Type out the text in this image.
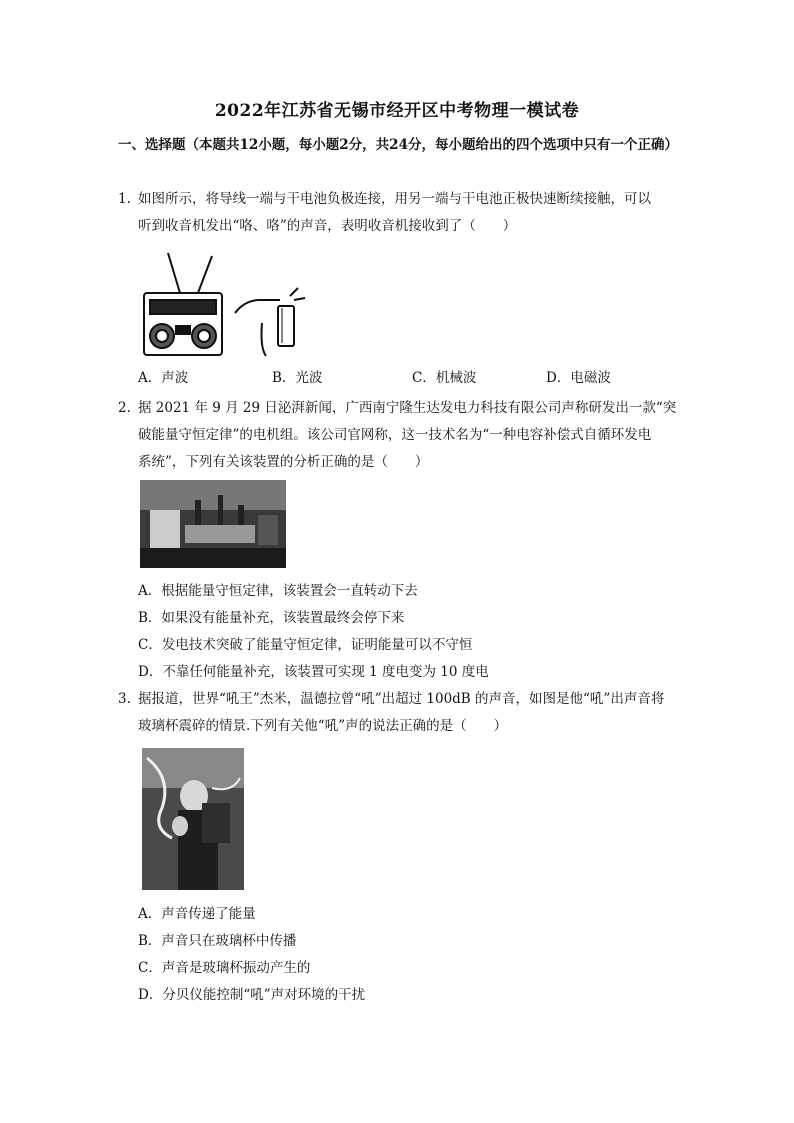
2022年江苏省无锡市经开区中考物理一模试卷
一、选择题（本题共12小题，每小题2分，共24分，每小题给出的四个选项中只有一个正确）
1. 如图所示，将导线一端与干电池负极连接，用另一端与干电池正极快速断续接触，可以
听到收音机发出“咯、咯”的声音，表明收音机接收到了（　　）
A．声波	B．光波	C．机械波	D．电磁波
2. 据 2021 年 9 月 29 日泌湃新闻，广西南宁隆生达发电力科技有限公司声称研发出一款“突
破能量守恒定律”的电机组。该公司官网称，这一技术名为“一种电容补偿式自循环发电
系统”，下列有关该装置的分析正确的是（　　）
A．根据能量守恒定律，该装置会一直转动下去
B．如果没有能量补充，该装置最终会停下来
C．发电技术突破了能量守恒定律，证明能量可以不守恒
D．不靠任何能量补充，该装置可实现 1 度电变为 10 度电
3. 据报道，世界“吼王”杰米，温德拉曾“吼”出超过 100dB 的声音，如图是他“吼”出声音将
玻璃杯震碎的情景.下列有关他“吼”声的说法正确的是（　　）
A．声音传递了能量
B．声音只在玻璃杯中传播
C．声音是玻璃杯振动产生的
D．分贝仪能控制“吼”声对环境的干扰
